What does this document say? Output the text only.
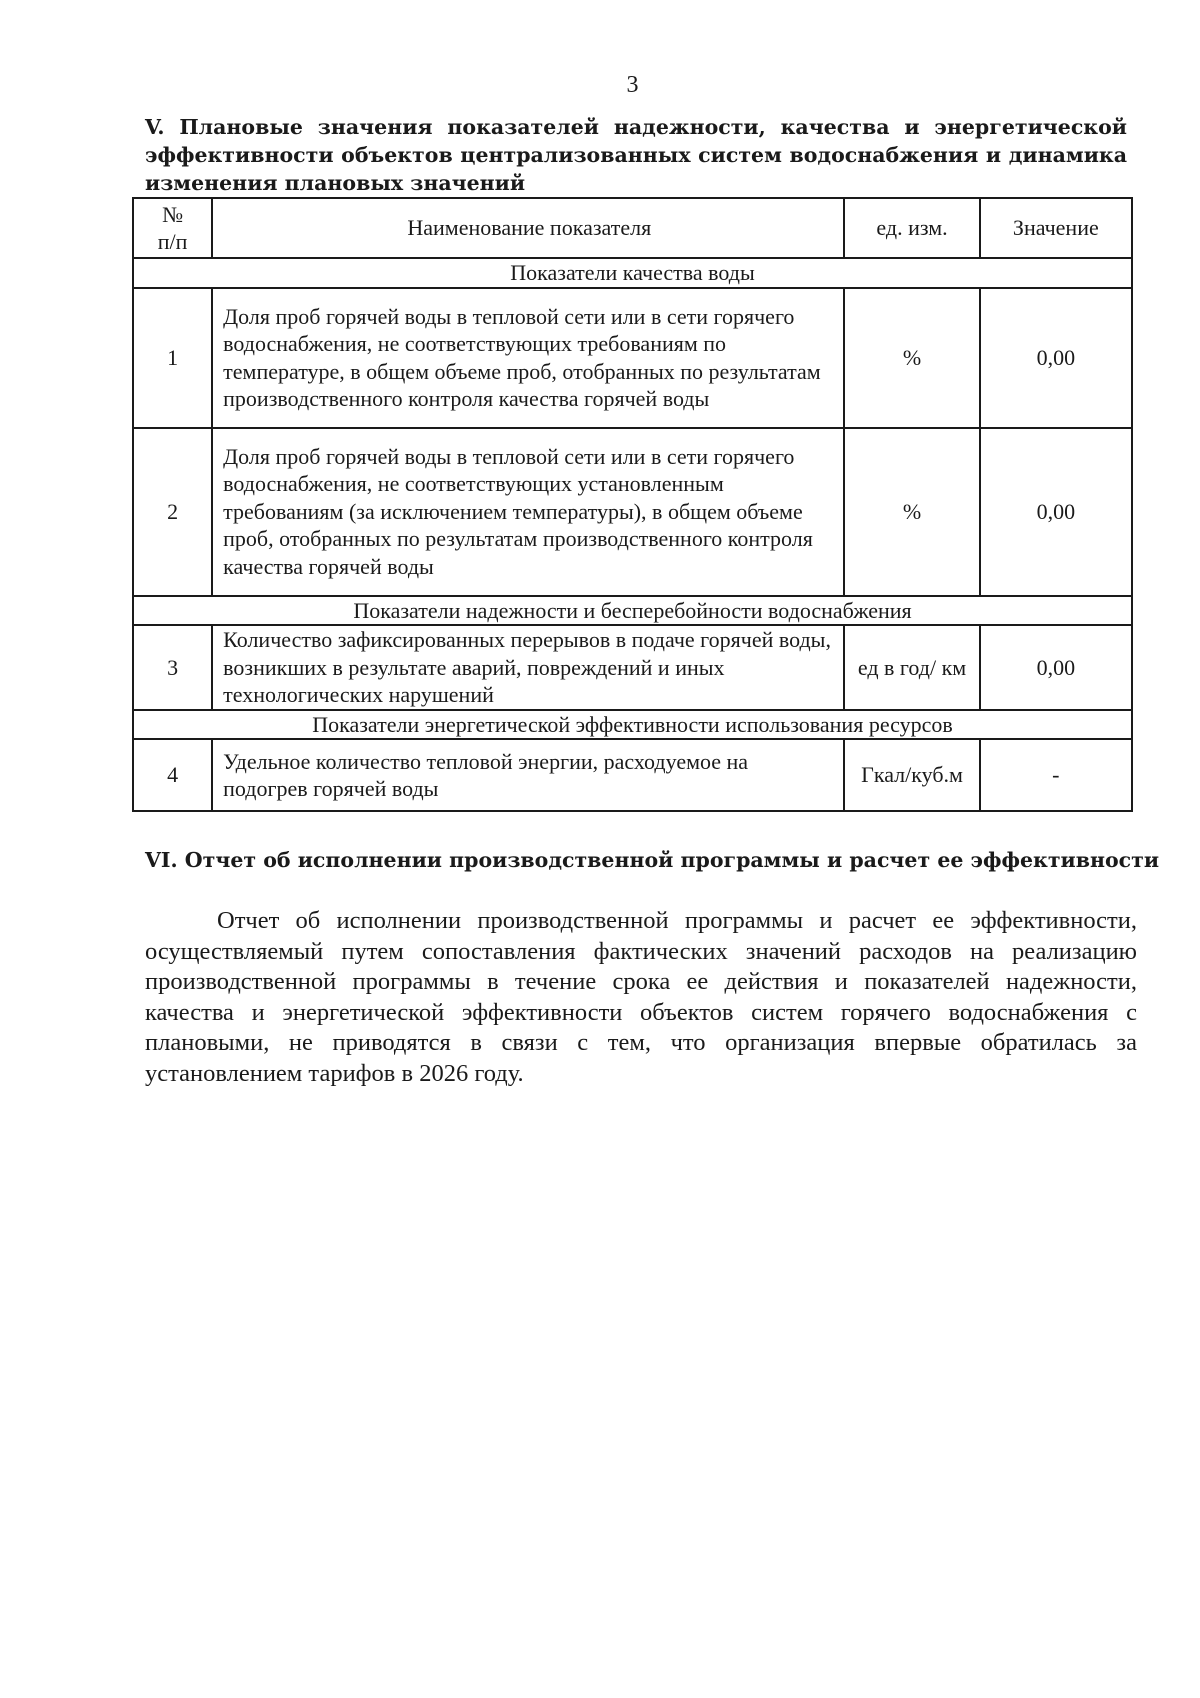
3
V. Плановые значения показателей надежности, качества и энергетической эффективности объектов централизованных систем водоснабжения и динамика изменения плановых значений
№ п/п	Наименование показателя	ед. изм.	Значение
Показатели качества воды			
1	Доля проб горячей воды в тепловой сети или в сети горячего водоснабжения, не соответствующих требованиям по температуре, в общем объеме проб, отобранных по результатам производственного контроля качества горячей воды	%	0,00
2	Доля проб горячей воды в тепловой сети или в сети горячего водоснабжения, не соответствующих установленным требованиям (за исключением температуры), в общем объеме проб, отобранных по результатам производственного контроля качества горячей воды	%	0,00
Показатели надежности и бесперебойности водоснабжения			
3	Количество зафиксированных перерывов в подаче горячей воды, возникших в результате аварий, повреждений и иных технологических нарушений	ед в год/ км	0,00
Показатели энергетической эффективности использования ресурсов			
4	Удельное количество тепловой энергии, расходуемое на подогрев горячей воды	Гкал/куб.м	-
VI. Отчет об исполнении производственной программы и расчет ее эффективности

Отчет об исполнении производственной программы и расчет ее эффективности, осуществляемый путем сопоставления фактических значений расходов на реализацию производственной программы в течение срока ее действия и показателей надежности, качества и энергетической эффективности объектов систем горячего водоснабжения с плановыми, не приводятся в связи с тем, что организация впервые обратилась за установлением тарифов в 2026 году.
